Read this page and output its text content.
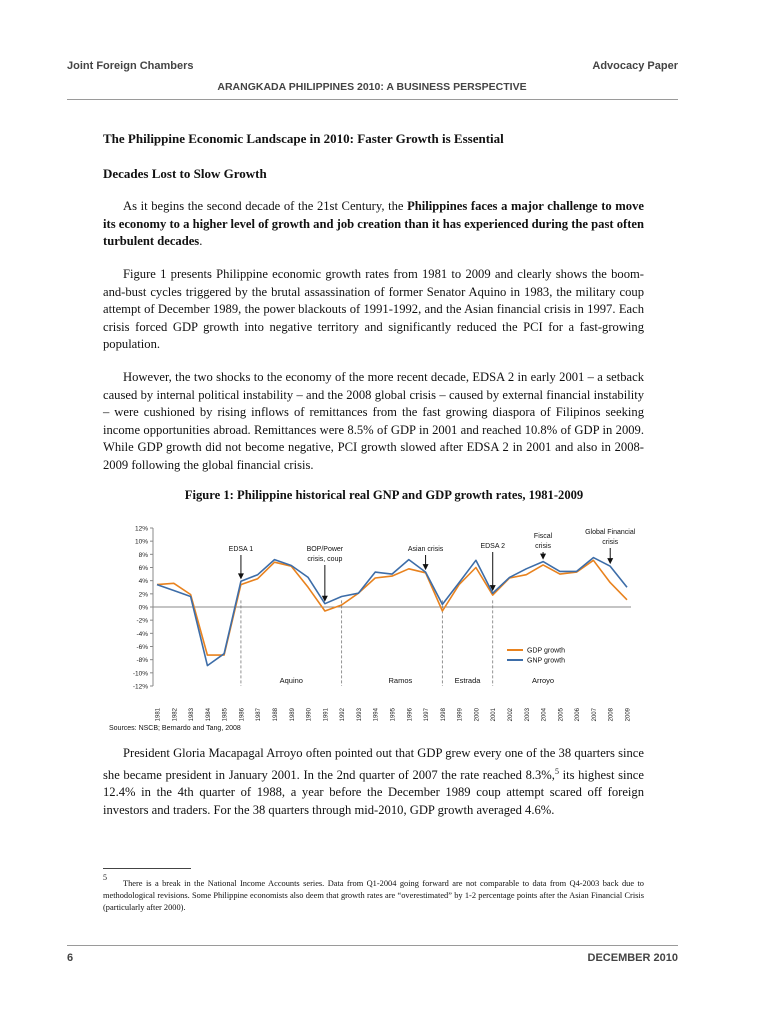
Joint Foreign Chambers	Advocacy Paper
ARANGKADA PHILIPPINES 2010: A BUSINESS PERSPECTIVE
The Philippine Economic Landscape in 2010: Faster Growth is Essential
Decades Lost to Slow Growth
As it begins the second decade of the 21st Century, the Philippines faces a major challenge to move its economy to a higher level of growth and job creation than it has experienced during the past often turbulent decades.
Figure 1 presents Philippine economic growth rates from 1981 to 2009 and clearly shows the boom-and-bust cycles triggered by the brutal assassination of former Senator Aquino in 1983, the military coup attempt of December 1989, the power blackouts of 1991-1992, and the Asian financial crisis in 1997. Each crisis forced GDP growth into negative territory and significantly reduced the PCI for a fast-growing population.
However, the two shocks to the economy of the more recent decade, EDSA 2 in early 2001 – a setback caused by internal political instability – and the 2008 global crisis – caused by external financial instability – were cushioned by rising inflows of remittances from the fast growing diaspora of Filipinos seeking income opportunities abroad. Remittances were 8.5% of GDP in 2001 and reached 10.8% of GDP in 2009. While GDP growth did not become negative, PCI growth slowed after EDSA 2 in 2001 and also in 2008-2009 following the global financial crisis.
Figure 1: Philippine historical real GNP and GDP growth rates, 1981-2009
12%
10%
8%
6%
4%
2%
0%
-2%
-4%
-6%
-8%
-10%
-12%
1981 1982 1983 1984 1985 1986 1987 1988 1989 1990 1991 1992 1993 1994 1995 1996 1997 1998 1999 2000 2001 2002 2003 2004 2005 2006 2007 2008 2009
EDSA 1	BOP/Power
crisis, coup
Asian crisis	EDSA 2
Fiscal
crisis
Global Financial
crisis
Aquino	Ramos	Estrada	Arroyo
GDP growth
GNP growth
Sources: NSCB; Bernardo and Tang, 2008
President Gloria Macapagal Arroyo often pointed out that GDP grew every one of the 38 quarters since she became president in January 2001. In the 2nd quarter of 2007 the rate reached 8.3%,$^5$ its highest since 12.4% in the 4th quarter of 1988, a year before the December 1989 coup attempt scared off foreign investors and traders. For the 38 quarters through mid-2010, GDP growth averaged 4.6%.
$^5$There is a break in the National Income Accounts series. Data from Q1-2004 going forward are not comparable to data from Q4-2003 back due to methodological revisions. Some Philippine economists also deem that growth rates are “overestimated” by 1-2 percentage points after the Asian Financial Crisis (particularly after 2000).
6	DECEMBER 2010
